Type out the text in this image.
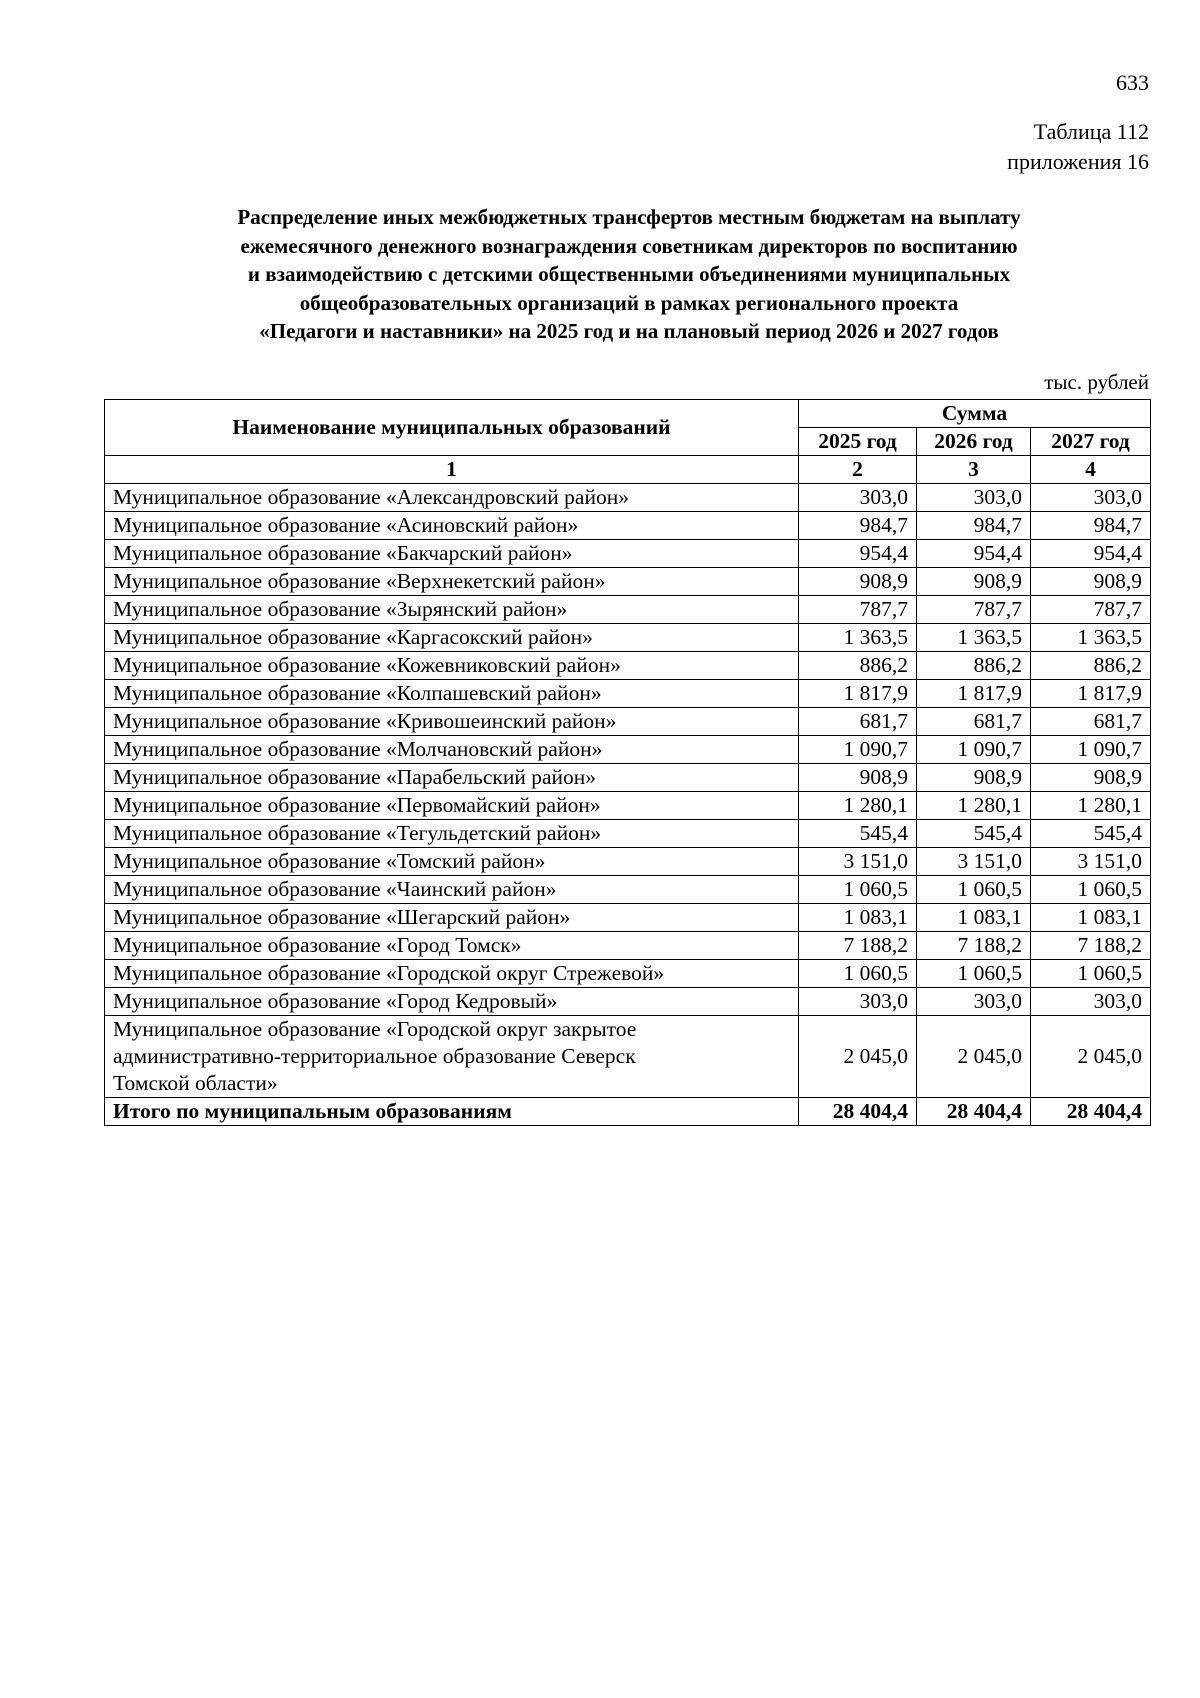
633
Таблица 112
приложения 16
Распределение иных межбюджетных трансфертов местным бюджетам на выплату
ежемесячного денежного вознаграждения советникам директоров по воспитанию
и взаимодействию с детскими общественными объединениями муниципальных
общеобразовательных организаций в рамках регионального проекта
«Педагоги и наставники» на 2025 год и на плановый период 2026 и 2027 годов
тыс. рублей
Наименование муниципальных образований	Сумма		
	2025 год	2026 год	2027 год
1	2	3	4
Муниципальное образование «Александровский район»	303,0	303,0	303,0
Муниципальное образование «Асиновский район»	984,7	984,7	984,7
Муниципальное образование «Бакчарский район»	954,4	954,4	954,4
Муниципальное образование «Верхнекетский район»	908,9	908,9	908,9
Муниципальное образование «Зырянский район»	787,7	787,7	787,7
Муниципальное образование «Каргасокский район»	1 363,5	1 363,5	1 363,5
Муниципальное образование «Кожевниковский район»	886,2	886,2	886,2
Муниципальное образование «Колпашевский район»	1 817,9	1 817,9	1 817,9
Муниципальное образование «Кривошеинский район»	681,7	681,7	681,7
Муниципальное образование «Молчановский район»	1 090,7	1 090,7	1 090,7
Муниципальное образование «Парабельский район»	908,9	908,9	908,9
Муниципальное образование «Первомайский район»	1 280,1	1 280,1	1 280,1
Муниципальное образование «Тегульдетский район»	545,4	545,4	545,4
Муниципальное образование «Томский район»	3 151,0	3 151,0	3 151,0
Муниципальное образование «Чаинский район»	1 060,5	1 060,5	1 060,5
Муниципальное образование «Шегарский район»	1 083,1	1 083,1	1 083,1
Муниципальное образование «Город Томск»	7 188,2	7 188,2	7 188,2
Муниципальное образование «Городской округ Стрежевой»	1 060,5	1 060,5	1 060,5
Муниципальное образование «Город Кедровый»	303,0	303,0	303,0

Муниципальное образование «Городской округ закрытое
административно-территориальное образование Северск
Томской области»	2 045,0	2 045,0	2 045,0
Итого по муниципальным образованиям	28 404,4	28 404,4	28 404,4
